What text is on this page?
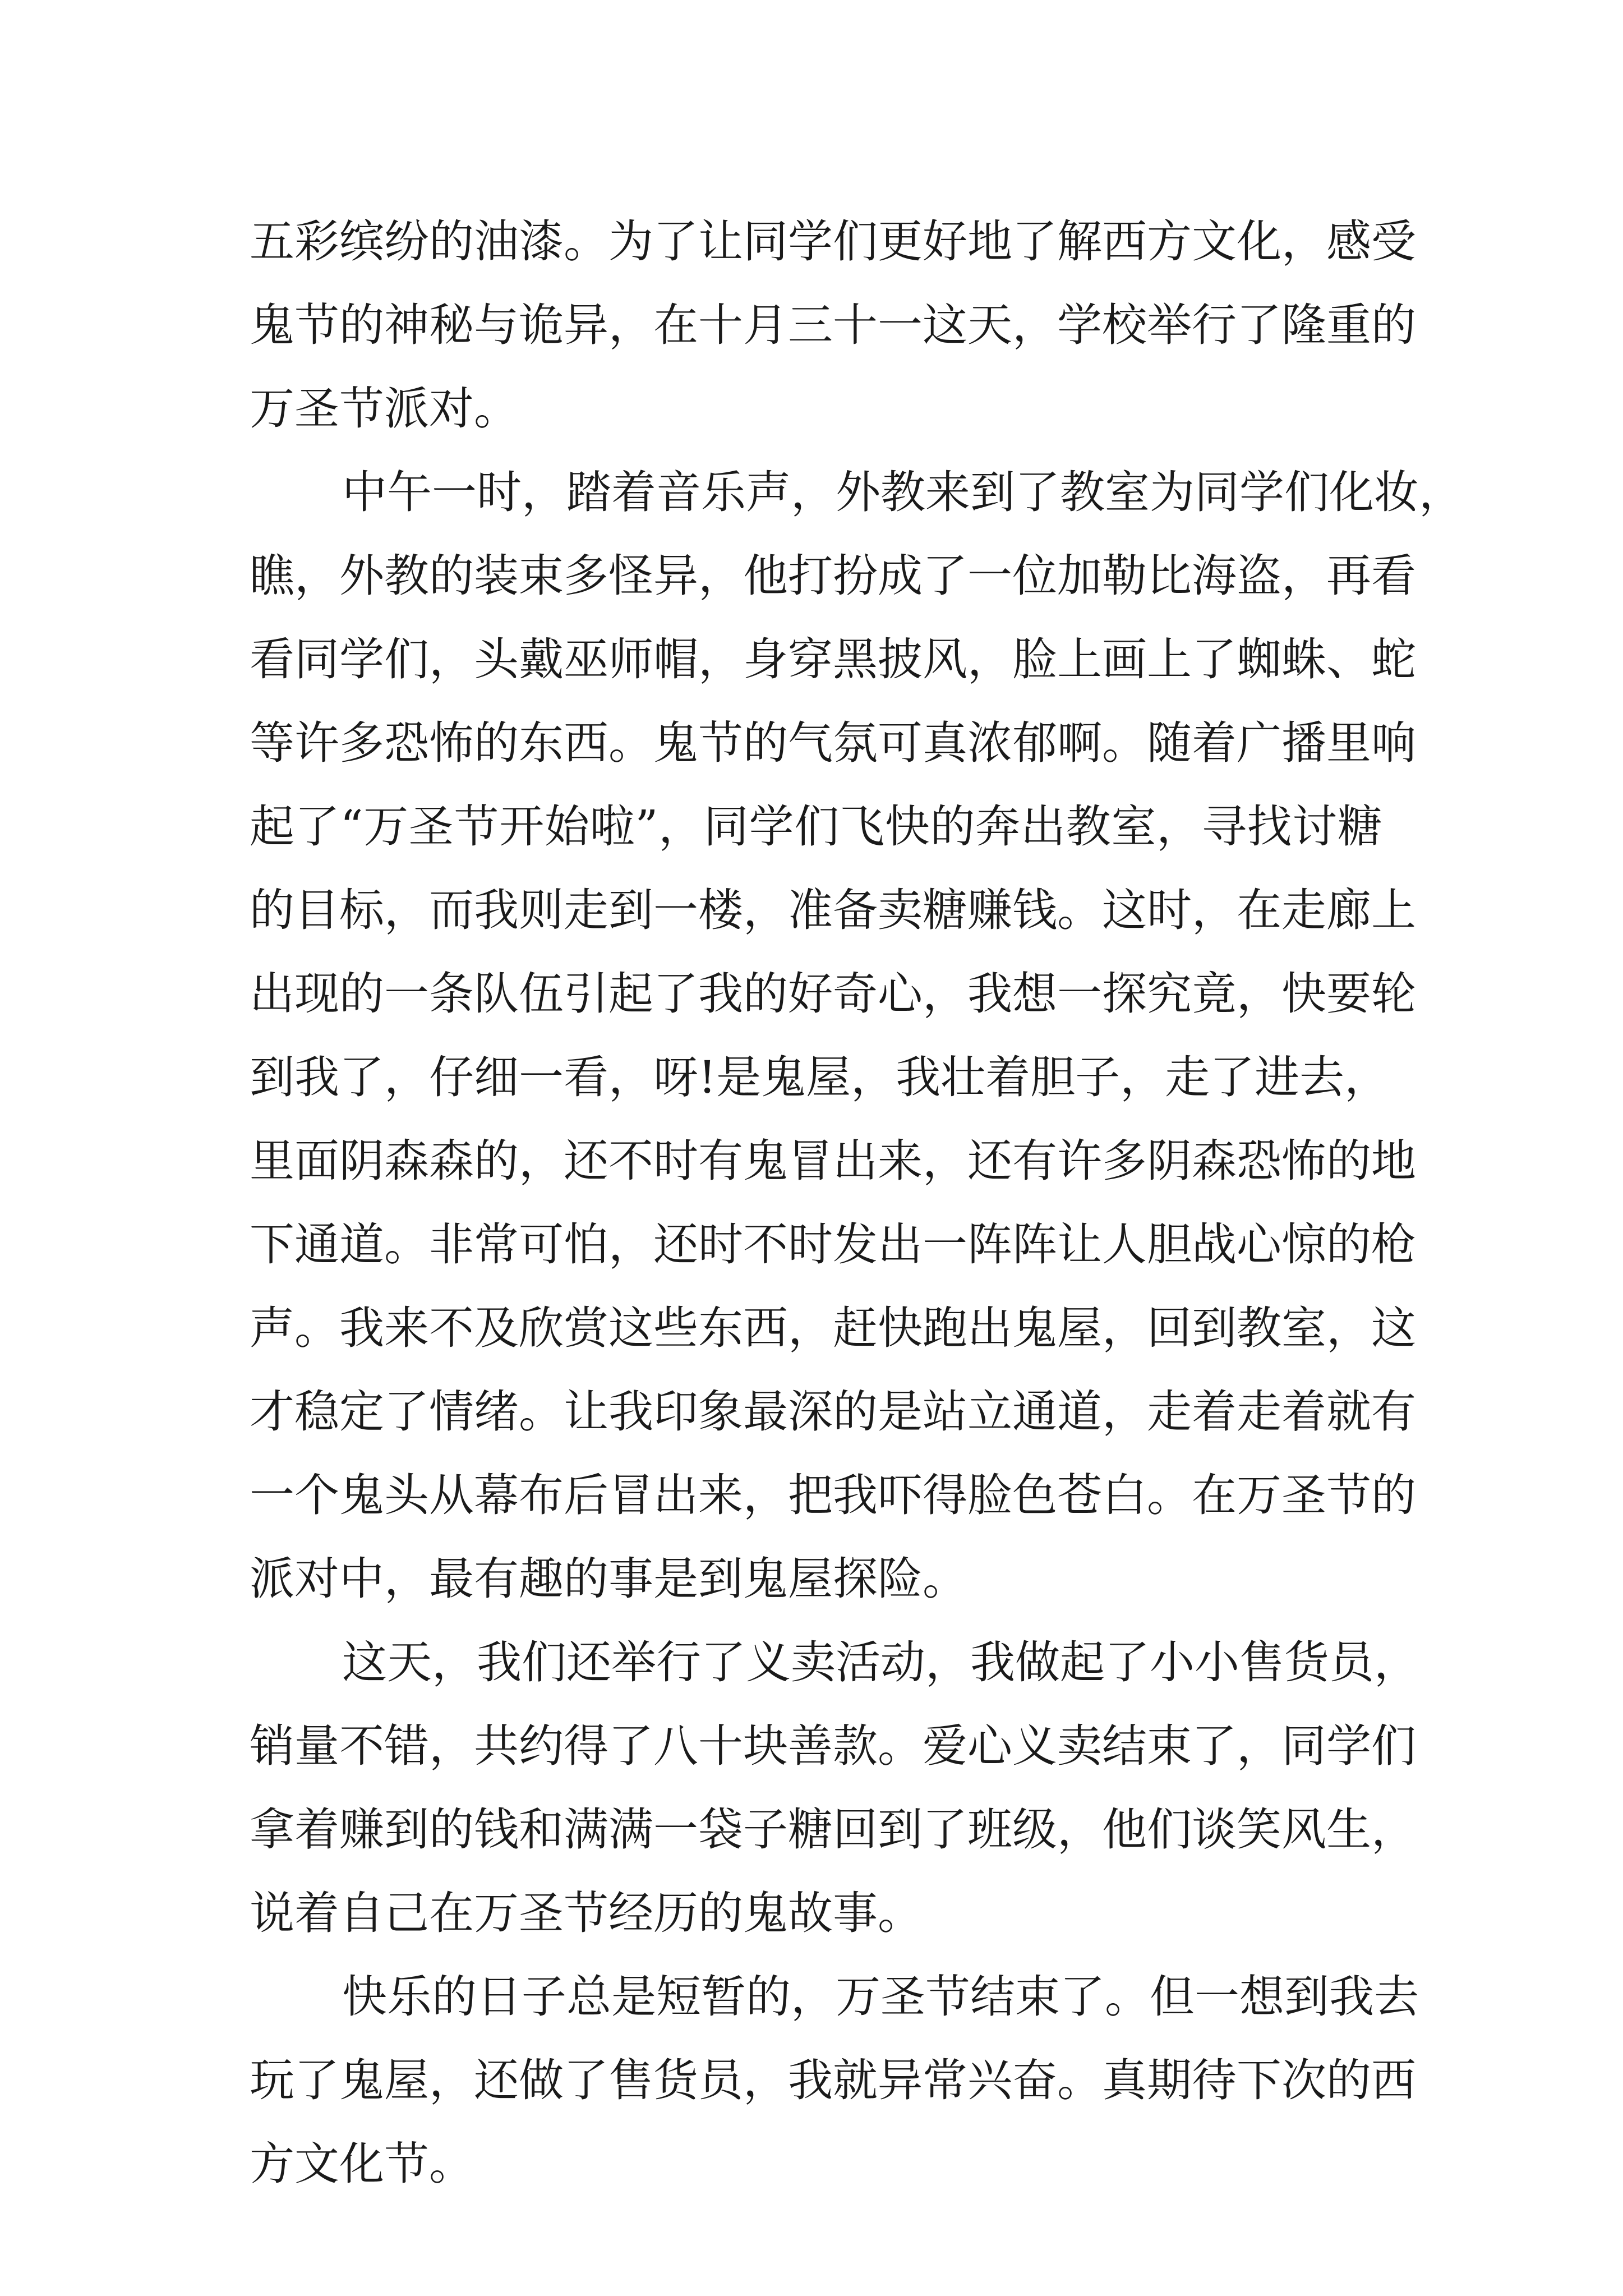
五彩缤纷的油漆。为了让同学们更好地了解西方文化，感受
鬼节的神秘与诡异，在十月三十一这天，学校举行了隆重的
万圣节派对。
中午一时，踏着音乐声，外教来到了教室为同学们化妆，
瞧，外教的装束多怪异，他打扮成了一位加勒比海盗，再看
看同学们，头戴巫师帽，身穿黑披风，脸上画上了蜘蛛、蛇
等许多恐怖的东西。鬼节的气氛可真浓郁啊。随着广播里响
起了“万圣节开始啦”，同学们飞快的奔出教室，寻找讨糖
的目标，而我则走到一楼，准备卖糖赚钱。这时，在走廊上
出现的一条队伍引起了我的好奇心，我想一探究竟，快要轮
到我了，仔细一看，呀!是鬼屋，我壮着胆子，走了进去，
里面阴森森的，还不时有鬼冒出来，还有许多阴森恐怖的地
下通道。非常可怕，还时不时发出一阵阵让人胆战心惊的枪
声。我来不及欣赏这些东西，赶快跑出鬼屋，回到教室，这
才稳定了情绪。让我印象最深的是站立通道，走着走着就有
一个鬼头从幕布后冒出来，把我吓得脸色苍白。在万圣节的
派对中，最有趣的事是到鬼屋探险。
这天，我们还举行了义卖活动，我做起了小小售货员，
销量不错，共约得了八十块善款。爱心义卖结束了，同学们
拿着赚到的钱和满满一袋子糖回到了班级，他们谈笑风生，
说着自己在万圣节经历的鬼故事。
快乐的日子总是短暂的，万圣节结束了。但一想到我去
玩了鬼屋，还做了售货员，我就异常兴奋。真期待下次的西
方文化节。
